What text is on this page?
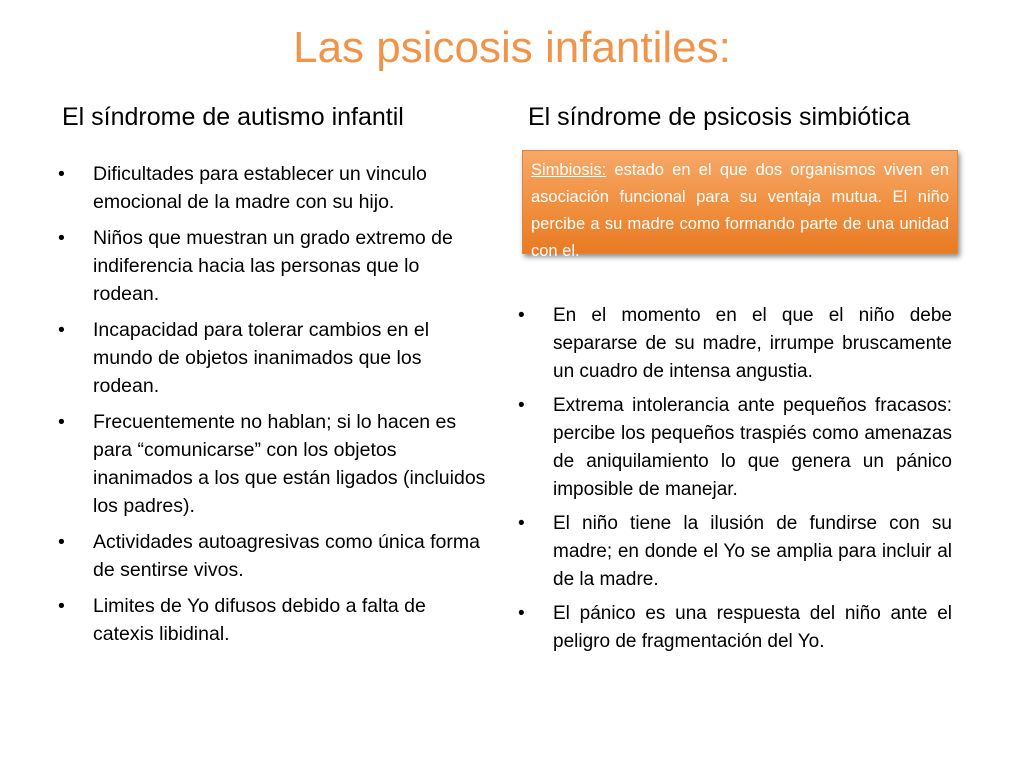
Las psicosis infantiles:
El síndrome de autismo infantil	El síndrome de psicosis simbiótica
• Dificultades para establecer un vinculo emocional de la madre con su hijo.
• Niños que muestran un grado extremo de indiferencia hacia las personas que lo rodean.
• Incapacidad para tolerar cambios en el mundo de objetos inanimados que los rodean.
• Frecuentemente no hablan; si lo hacen es para “comunicarse” con los objetos inanimados a los que están ligados (incluidos los padres).
• Actividades autoagresivas como única forma de sentirse vivos.
• Limites de Yo difusos debido a falta de catexis libidinal.
Simbiosis: estado en el que dos organismos viven en asociación funcional para su ventaja mutua. El niño percibe a su madre como formando parte de una unidad con el.
• En el momento en el que el niño debe separarse de su madre, irrumpe bruscamente un cuadro de intensa angustia.
• Extrema intolerancia ante pequeños fracasos: percibe los pequeños traspiés como amenazas de aniquilamiento lo que genera un pánico imposible de manejar.
• El niño tiene la ilusión de fundirse con su madre; en donde el Yo se amplia para incluir al de la madre.
• El pánico es una respuesta del niño ante el peligro de fragmentación del Yo.
